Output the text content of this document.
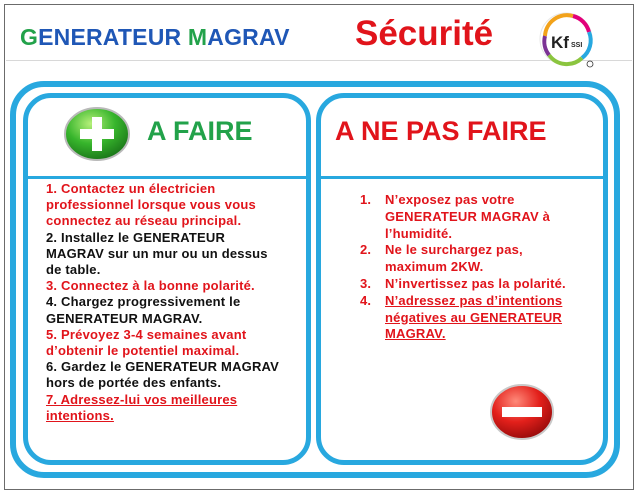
GENERATEUR MAGRAV Sécurité	Kf SSI
A FAIRE	A NE PAS FAIRE
1. Contactez un électricien professionnel lorsque vous vous connectez au réseau principal.
2. Installez le GENERATEUR MAGRAV sur un mur ou un dessus de table.
3. Connectez à la bonne polarité.
4. Chargez progressivement le GENERATEUR MAGRAV.
5. Prévoyez 3-4 semaines avant d’obtenir le potentiel maximal.
6. Gardez le GENERATEUR MAGRAV hors de portée des enfants.
7. Adressez-lui vos meilleures intentions.
1. N’exposez pas votre GENERATEUR MAGRAV à l’humidité.
2. Ne le surchargez pas, maximum 2KW.
3. N’invertissez pas la polarité.
4. N’adressez pas d’intentions négatives au GENERATEUR MAGRAV.
